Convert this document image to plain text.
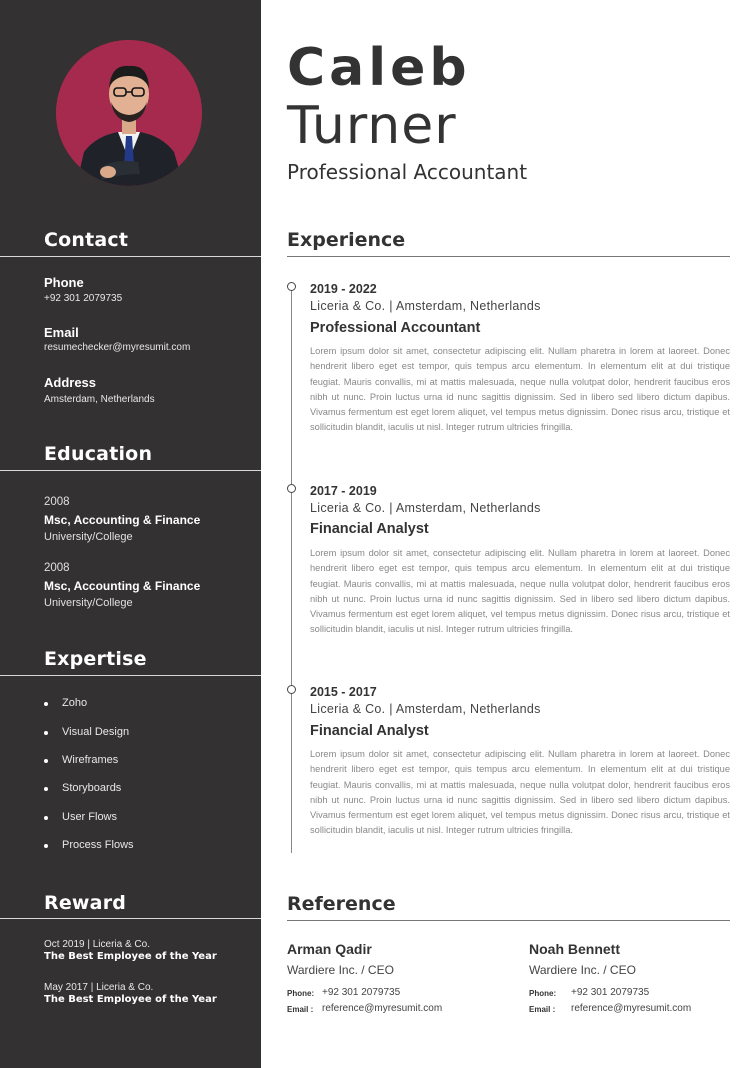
Contact
Phone
+92 301 2079735
Email
resumechecker@myresumit.com
Address
Amsterdam, Netherlands
Education
2008
Msc, Accounting & Finance
University/College
2008
Msc, Accounting & Finance
University/College
Expertise
Zoho
Visual Design
Wireframes
Storyboards
User Flows
Process Flows
Reward
Oct 2019 | Liceria & Co.
The Best Employee of the Year
May 2017 | Liceria & Co.
The Best Employee of the Year
Caleb
Turner
Professional Accountant
Experience
2019 - 2022
Liceria & Co. | Amsterdam, Netherlands
Professional Accountant

Lorem ipsum dolor sit amet, consectetur adipiscing elit. Nullam pharetra in lorem at laoreet. Donec hendrerit libero eget est tempor, quis tempus arcu elementum. In elementum elit at dui tristique feugiat. Mauris convallis, mi at mattis malesuada, neque nulla volutpat dolor, hendrerit faucibus eros nibh ut nunc. Proin luctus urna id nunc sagittis dignissim. Sed in libero sed libero dictum dapibus. Vivamus fermentum est eget lorem aliquet, vel tempus metus dignissim. Donec risus arcu, tristique et sollicitudin blandit, iaculis ut nisl. Integer rutrum ultricies fringilla.

2017 - 2019
Liceria & Co. | Amsterdam, Netherlands
Financial Analyst

Lorem ipsum dolor sit amet, consectetur adipiscing elit. Nullam pharetra in lorem at laoreet. Donec hendrerit libero eget est tempor, quis tempus arcu elementum. In elementum elit at dui tristique feugiat. Mauris convallis, mi at mattis malesuada, neque nulla volutpat dolor, hendrerit faucibus eros nibh ut nunc. Proin luctus urna id nunc sagittis dignissim. Sed in libero sed libero dictum dapibus. Vivamus fermentum est eget lorem aliquet, vel tempus metus dignissim. Donec risus arcu, tristique et sollicitudin blandit, iaculis ut nisl. Integer rutrum ultricies fringilla.

2015 - 2017
Liceria & Co. | Amsterdam, Netherlands
Financial Analyst

Lorem ipsum dolor sit amet, consectetur adipiscing elit. Nullam pharetra in lorem at laoreet. Donec hendrerit libero eget est tempor, quis tempus arcu elementum. In elementum elit at dui tristique feugiat. Mauris convallis, mi at mattis malesuada, neque nulla volutpat dolor, hendrerit faucibus eros nibh ut nunc. Proin luctus urna id nunc sagittis dignissim. Sed in libero sed libero dictum dapibus. Vivamus fermentum est eget lorem aliquet, vel tempus metus dignissim. Donec risus arcu, tristique et sollicitudin blandit, iaculis ut nisl. Integer rutrum ultricies fringilla.

Reference
Arman Qadir
Wardiere Inc. / CEO
Phone: +92 301 2079735
Email : reference@myresumit.com
Noah Bennett
Wardiere Inc. / CEO
Phone: +92 301 2079735
Email : reference@myresumit.com
